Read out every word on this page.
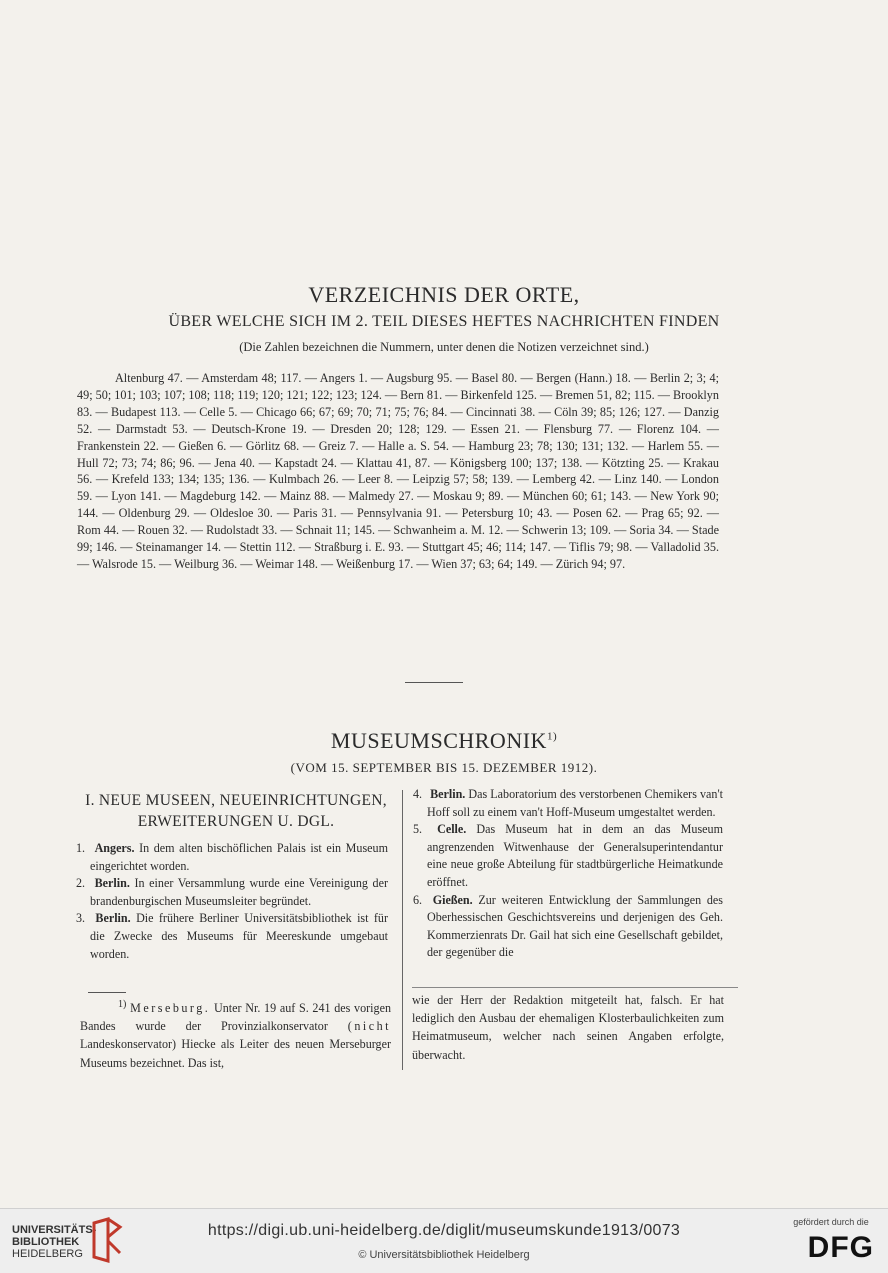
VERZEICHNIS DER ORTE,
ÜBER WELCHE SICH IM 2. TEIL DIESES HEFTES NACHRICHTEN FINDEN
(Die Zahlen bezeichnen die Nummern, unter denen die Notizen verzeichnet sind.)

Altenburg 47. — Amsterdam 48; 117. — Angers 1. — Augsburg 95. — Basel 80. — Bergen (Hann.) 18. — Berlin 2; 3; 4; 49; 50; 101; 103; 107; 108; 118; 119; 120; 121; 122; 123; 124. — Bern 81. — Birkenfeld 125. — Bremen 51, 82; 115. — Brooklyn 83. — Budapest 113. — Celle 5. — Chicago 66; 67; 69; 70; 71; 75; 76; 84. — Cincinnati 38. — Cöln 39; 85; 126; 127. — Danzig 52. — Darmstadt 53. — Deutsch-Krone 19. — Dresden 20; 128; 129. — Essen 21. — Flensburg 77. — Florenz 104. — Frankenstein 22. — Gießen 6. — Görlitz 68. — Greiz 7. — Halle a. S. 54. — Hamburg 23; 78; 130; 131; 132. — Harlem 55. — Hull 72; 73; 74; 86; 96. — Jena 40. — Kapstadt 24. — Klattau 41, 87. — Königsberg 100; 137; 138. — Kötzting 25. — Krakau 56. — Krefeld 133; 134; 135; 136. — Kulmbach 26. — Leer 8. — Leipzig 57; 58; 139. — Lemberg 42. — Linz 140. — London 59. — Lyon 141. — Magdeburg 142. — Mainz 88. — Malmedy 27. — Moskau 9; 89. — München 60; 61; 143. — New York 90; 144. — Oldenburg 29. — Oldesloe 30. — Paris 31. — Pennsylvania 91. — Petersburg 10; 43. — Posen 62. — Prag 65; 92. — Rom 44. — Rouen 32. — Rudolstadt 33. — Schnait 11; 145. — Schwanheim a. M. 12. — Schwerin 13; 109. — Soria 34. — Stade 99; 146. — Steinamanger 14. — Stettin 112. — Straßburg i. E. 93. — Stuttgart 45; 46; 114; 147. — Tiflis 79; 98. — Valladolid 35. — Walsrode 15. — Weilburg 36. — Weimar 148. — Weißenburg 17. — Wien 37; 63; 64; 149. — Zürich 94; 97.

MUSEUMSCHRONIK$^{1)}$
(VOM 15. SEPTEMBER BIS 15. DEZEMBER 1912).
I. NEUE MUSEEN, NEUEINRICHTUNGEN, ERWEITERUNGEN U. DGL.

1. Angers. In dem alten bischöflichen Palais ist ein Museum eingerichtet worden.

2. Berlin. In einer Versammlung wurde eine Vereinigung der brandenburgischen Museumsleiter begründet.

3. Berlin. Die frühere Berliner Universitätsbibliothek ist für die Zwecke des Museums für Meereskunde umgebaut worden.

4. Berlin. Das Laboratorium des verstorbenen Chemikers van't Hoff soll zu einem van't Hoff-Museum umgestaltet werden.

5. Celle. Das Museum hat in dem an das Museum angrenzenden Witwenhause der Generalsuperintendantur eine neue große Abteilung für stadtbürgerliche Heimatkunde eröffnet.

6. Gießen. Zur weiteren Entwicklung der Sammlungen des Oberhessischen Geschichtsvereins und derjenigen des Geh. Kommerzienrats Dr. Gail hat sich eine Gesellschaft gebildet, der gegenüber die

$^{1)}$ Merseburg. Unter Nr. 19 auf S. 241 des vorigen Bandes wurde der Provinzialkonservator (nicht Landeskonservator) Hiecke als Leiter des neuen Merseburger Museums bezeichnet. Das ist,

wie der Herr der Redaktion mitgeteilt hat, falsch. Er hat lediglich den Ausbau der ehemaligen Klosterbaulichkeiten zum Heimatmuseum, welcher nach seinen Angaben erfolgte, überwacht.

UNIVERSITÄTS-
BIBLIOTHEK
HEIDELBERG
https://digi.ub.uni-heidelberg.de/diglit/museumskunde1913/0073
© Universitätsbibliothek Heidelberg
gefördert durch die
DFG
